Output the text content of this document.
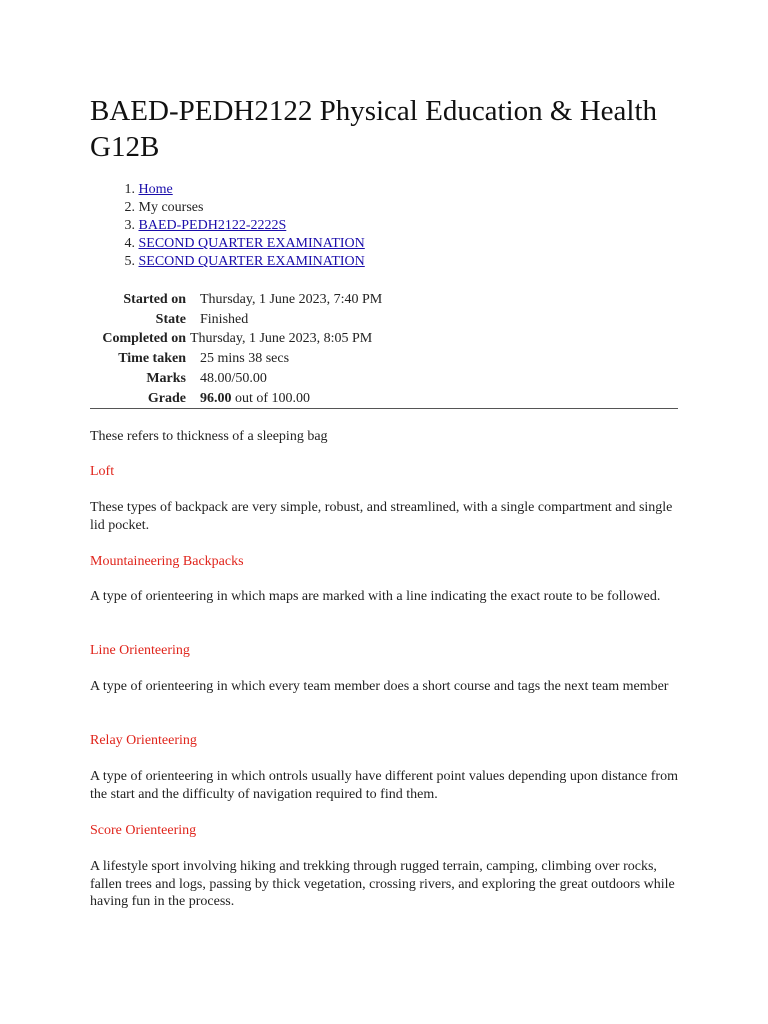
BAED-PEDH2122 Physical Education & Health G12B
1. Home
2. My courses
3. BAED-PEDH2122-2222S
4. SECOND QUARTER EXAMINATION
5. SECOND QUARTER EXAMINATION
Started on	Thursday, 1 June 2023, 7:40 PM
State	Finished
Completed on	Thursday, 1 June 2023, 8:05 PM
Time taken	25 mins 38 secs
Marks	48.00/50.00
Grade	96.00 out of 100.00

These refers to thickness of a sleeping bag

Loft

These types of backpack are very simple, robust, and streamlined, with a single compartment and single lid pocket.

Mountaineering Backpacks

A type of orienteering in which maps are marked with a line indicating the exact route to be followed.

Line Orienteering

A type of orienteering in which every team member does a short course and tags the next team member

Relay Orienteering

A type of orienteering in which ontrols usually have different point values depending upon distance from the start and the difficulty of navigation required to find them.

Score Orienteering

A lifestyle sport involving hiking and trekking through rugged terrain, camping, climbing over rocks, fallen trees and logs, passing by thick vegetation, crossing rivers, and exploring the great outdoors while having fun in the process.
